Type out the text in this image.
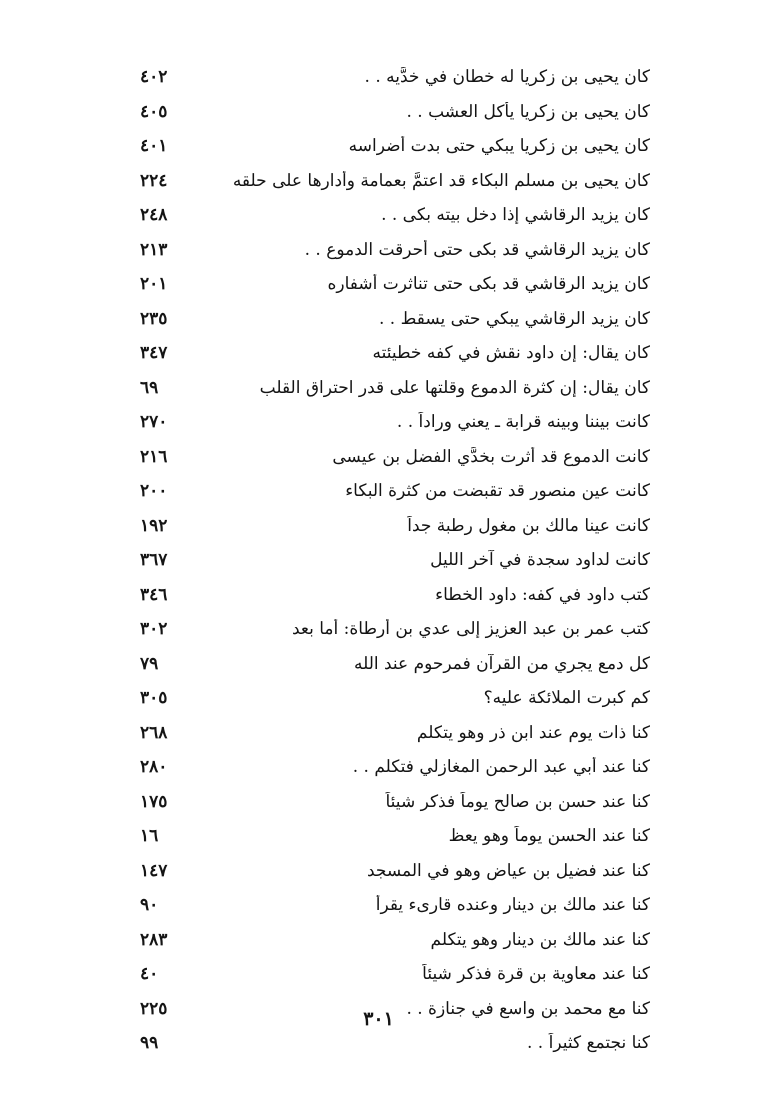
٤٠٢	كان يحيى بن زكريا له خطان في خدَّيه . .
٤٠٥	كان يحيى بن زكريا يأكل العشب . .
٤٠١	كان يحيى بن زكريا يبكي حتى بدت أضراسه
٢٢٤	كان يحيى بن مسلم البكاء قد اعتمَّ بعمامة وأدارها على حلقه
٢٤٨	كان يزيد الرقاشي إذا دخل بيته بكى . .
٢١٣	كان يزيد الرقاشي قد بكى حتى أحرقت الدموع . .
٢٠١	كان يزيد الرقاشي قد بكى حتى تناثرت أشفاره
٢٣٥	كان يزيد الرقاشي يبكي حتى يسقط . .
٣٤٧	كان يقال: إن داود نقش في كفه خطيئته
٦٩	كان يقال: إن كثرة الدموع وقلتها على قدر احتراق القلب
٢٧٠	كانت بيننا وبينه قرابة ـ يعني وراداً . .
٢١٦	كانت الدموع قد أثرت بخدَّي الفضل بن عيسى
٢٠٠	كانت عين منصور قد تقبضت من كثرة البكاء
١٩٢	كانت عينا مالك بن مغول رطبة جداً
٣٦٧	كانت لداود سجدة في آخر الليل
٣٤٦	كتب داود في كفه: داود الخطاء
٣٠٢	كتب عمر بن عبد العزيز إلى عدي بن أرطاة: أما بعد
٧٩	كل دمع يجري من القرآن فمرحوم عند الله
٣٠٥	كم كبرت الملائكة عليه؟
٢٦٨	كنا ذات يوم عند ابن ذر وهو يتكلم
٢٨٠	كنا عند أبي عبد الرحمن المغازلي فتكلم . .
١٧٥	كنا عند حسن بن صالح يوماً فذكر شيئاً
١٦	كنا عند الحسن يوماً وهو يعظ
١٤٧	كنا عند فضيل بن عياض وهو في المسجد
٩٠	كنا عند مالك بن دينار وعنده قارىء يقرأ
٢٨٣	كنا عند مالك بن دينار وهو يتكلم
٤٠	كنا عند معاوية بن قرة فذكر شيئاً
٢٢٥	كنا مع محمد بن واسع في جنازة . .
٩٩	كنا نجتمع كثيراً . .
٣٠١
